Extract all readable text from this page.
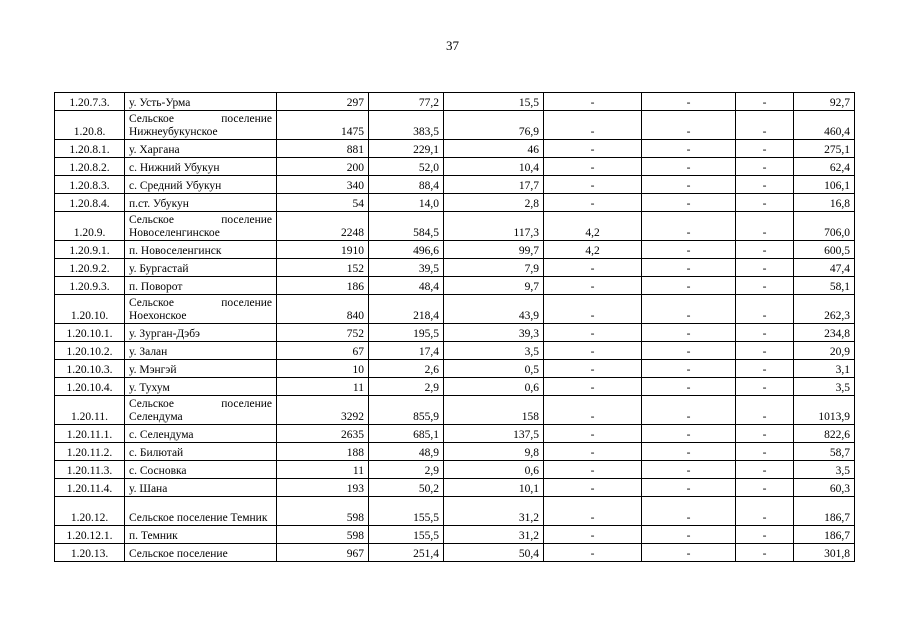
37
1.20.7.3.	у. Усть-Урма	297	77,2	15,5	-	-	-	92,7
1.20.8.	Сельское поселение Нижнеубукунское	1475	383,5	76,9	-	-	-	460,4
1.20.8.1.	у. Харгана	881	229,1	46	-	-	-	275,1
1.20.8.2.	с. Нижний Убукун	200	52,0	10,4	-	-	-	62,4
1.20.8.3.	с. Средний Убукун	340	88,4	17,7	-	-	-	106,1
1.20.8.4.	п.ст. Убукун	54	14,0	2,8	-	-	-	16,8
1.20.9.	Сельское поселение Новоселенгинское	2248	584,5	117,3	4,2	-	-	706,0
1.20.9.1.	п. Новоселенгинск	1910	496,6	99,7	4,2	-	-	600,5
1.20.9.2.	у. Бургастай	152	39,5	7,9	-	-	-	47,4
1.20.9.3.	п. Поворот	186	48,4	9,7	-	-	-	58,1
1.20.10.	Сельское поселение Ноехонское	840	218,4	43,9	-	-	-	262,3
1.20.10.1.	у. Зурган-Дэбэ	752	195,5	39,3	-	-	-	234,8
1.20.10.2.	у. Залан	67	17,4	3,5	-	-	-	20,9
1.20.10.3.	у. Мэнгэй	10	2,6	0,5	-	-	-	3,1
1.20.10.4.	у. Тухум	11	2,9	0,6	-	-	-	3,5
1.20.11.	Сельское поселение Селендума	3292	855,9	158	-	-	-	1013,9
1.20.11.1.	с. Селендума	2635	685,1	137,5	-	-	-	822,6
1.20.11.2.	с. Билютай	188	48,9	9,8	-	-	-	58,7
1.20.11.3.	с. Сосновка	11	2,9	0,6	-	-	-	3,5
1.20.11.4.	у. Шана	193	50,2	10,1	-	-	-	60,3
1.20.12.	Сельское поселение Темник	598	155,5	31,2	-	-	-	186,7
1.20.12.1.	п. Темник	598	155,5	31,2	-	-	-	186,7
1.20.13.	Сельское поселение	967	251,4	50,4	-	-	-	301,8
